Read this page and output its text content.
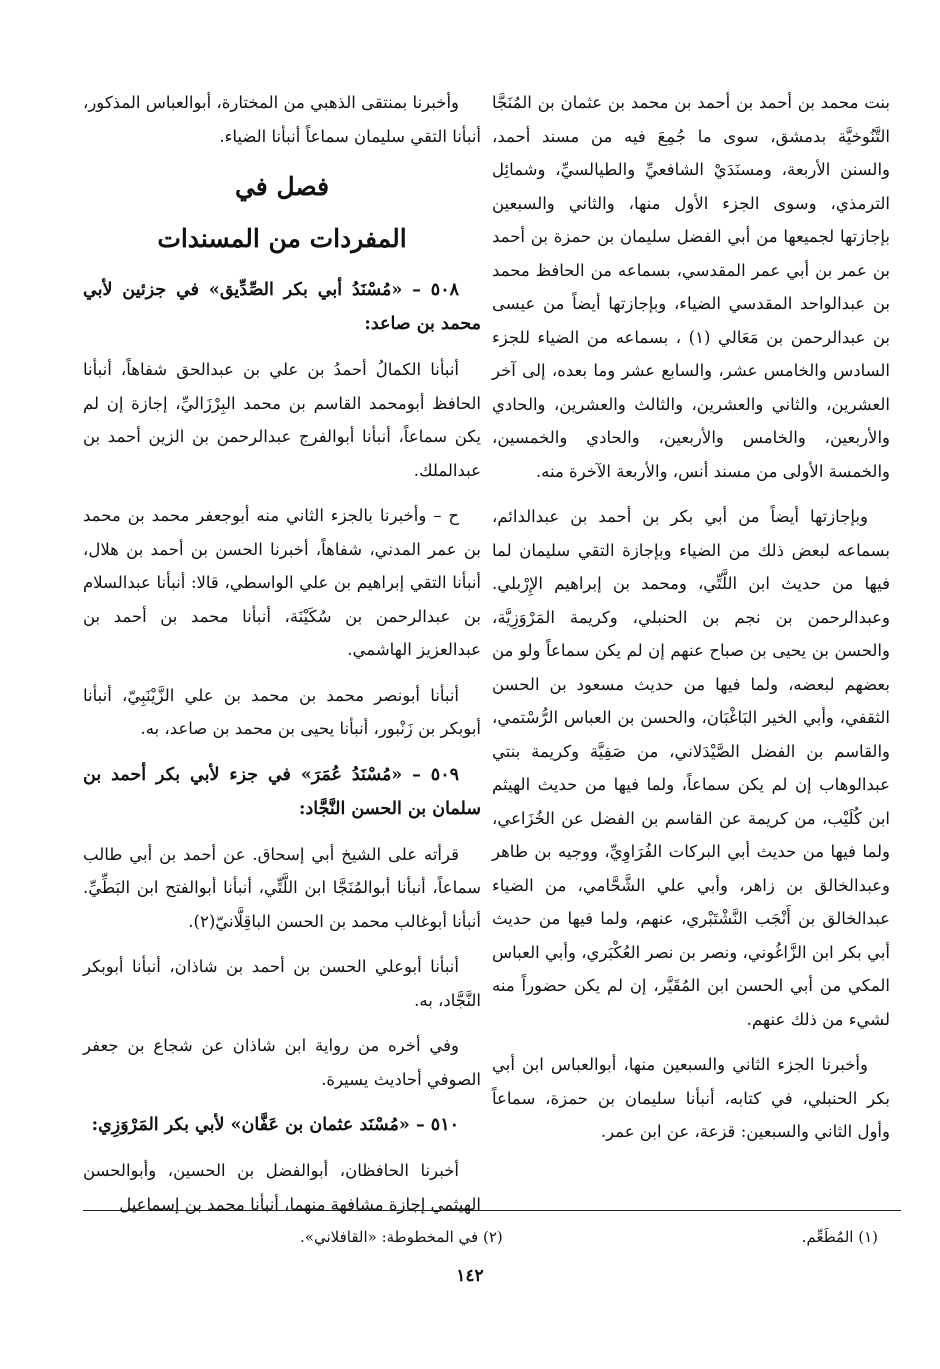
بنت محمد بن أحمد بن أحمد بن محمد بن عثمان بن المُنَجَّا التَّنُوخيَّة بدمشق، سوى ما جُمِعَ فيه من مسند أحمد، والسنن الأربعة، ومسنَدَيْ الشافعيِّ والطيالسيِّ، وشمائِل الترمذي، وسوى الجزء الأول منها، والثاني والسبعين بإجازتها لجميعها من أبي الفضل سليمان بن حمزة بن أحمد بن عمر بن أبي عمر المقدسي، بسماعه من الحافظ محمد بن عبدالواحد المقدسي الضياء، وبإجازتها أيضاً من عيسى بن عبدالرحمن بن مَعَالي (١) ، بسماعه من الضياء للجزء السادس والخامس عشر، والسابع عشر وما بعده، إلى آخر العشرين، والثاني والعشرين، والثالث والعشرين، والحادي والأربعين، والخامس والأربعين، والحادي والخمسين، والخمسة الأولى من مسند أنس، والأربعة الآخرة منه.

وبإجازتها أيضاً من أبي بكر بن أحمد بن عبدالدائم، بسماعه لبعض ذلك من الضياء وبإجازة التقي سليمان لما فيها من حديث ابن اللَّتِّي، ومحمد بن إبراهيم الإِرْبلي. وعبدالرحمن بن نجم بن الحنبلي، وكريمة المَرْوَزِيَّة، والحسن بن يحيى بن صباح عنهم إن لم يكن سماعاً ولو من بعضهم لبعضه، ولما فيها من حديث مسعود بن الحسن الثقفي، وأبي الخير البَاغْبَان، والحسن بن العباس الرُّسْتمي، والقاسم بن الفضل الصَّيْدَلاني، من صَفِيَّة وكريمة بنتي عبدالوهاب إن لم يكن سماعاً، ولما فيها من حديث الهيثم ابن كُلَيْب، من كريمة عن القاسم بن الفضل عن الخُزَاعي، ولما فيها من حديث أبي البركات الفُرَاوِيِّ، ووجيه بن طاهر وعبدالخالق بن زاهر، وأبي علي الشَّحَّامي، من الضياء عبدالخالق بن أَنْجَب النَّشْتَبْري، عنهم، ولما فيها من حديث أبي بكر ابن الزَّاغُوني، ونصر بن نصر العُكْبَري، وأبي العباس المكي من أبي الحسن ابن المُقَيَّر، إن لم يكن حضوراً منه لشيء من ذلك عنهم.

وأخبرنا الجزء الثاني والسبعين منها، أبوالعباس ابن أبي بكر الحنبلي، في كتابه، أنبأنا سليمان بن حمزة، سماعاً وأول الثاني والسبعين: قزعة، عن ابن عمر.

وأخبرنا بمنتقى الذهبي من المختارة، أبوالعباس المذكور، أنبأنا التقي سليمان سماعاً أنبأنا الضياء.

فصل في
المفردات من المسندات

٥٠٨ – «مُسْنَدُ أبي بكر الصِّدِّيق» في جزئين لأبي محمد بن صاعد:

أنبأنا الكمالُ أحمدُ بن علي بن عبدالحق شفاهاً، أنبأنا الحافظ أبومحمد القاسم بن محمد البِرْزَاليِّ، إجازة إن لم يكن سماعاً، أنبأنا أبوالفرج عبدالرحمن بن الزين أحمد بن عبدالملك.

ح – وأخبرنا بالجزء الثاني منه أبوجعفر محمد بن محمد بن عمر المدني، شفاهاً، أخبرنا الحسن بن أحمد بن هلال، أنبأنا التقي إبراهيم بن علي الواسطي، قالا: أنبأنا عبدالسلام بن عبدالرحمن بن سُكَيْنَة، أنبأنا محمد بن أحمد بن عبدالعزيز الهاشمي.

أنبأنا أبونصر محمد بن محمد بن علي الزَّيْنَبِيّ، أنبأنا أبوبكر بن زَنْبور، أنبأنا يحيى بن محمد بن صاعد، به.

٥٠٩ – «مُسْنَدُ عُمَرَ» في جزء لأبي بكر أحمد بن سلمان بن الحسن النَّجَّاد:

قرأته على الشيخ أبي إسحاق. عن أحمد بن أبي طالب سماعاً، أنبأنا أبوالمُنَجَّا ابن اللَّتِّي، أنبأنا أبوالفتح ابن البَطِّيِّ. أنبأنا أبوغالب محمد بن الحسن الباقِلَّانيّ(٢).

أنبأنا أبوعلي الحسن بن أحمد بن شاذان، أنبأنا أبوبكر النَّجَّاد، به.

وفي أخره من رواية ابن شاذان عن شجاع بن جعفر الصوفي أحاديث يسيرة.

٥١٠ – «مُسْنَد عثمان بن عَفَّان» لأبي بكر المَرْوَزِي:

أخبرنا الحافظان، أبوالفضل بن الحسين، وأبوالحسن الهيثمي إجازة مشافهة منهما، أنبأنا محمد بن إسماعيل

(١) المُطَعِّم.
(٢) في المخطوطة: «القافلاني».
١٤٢
